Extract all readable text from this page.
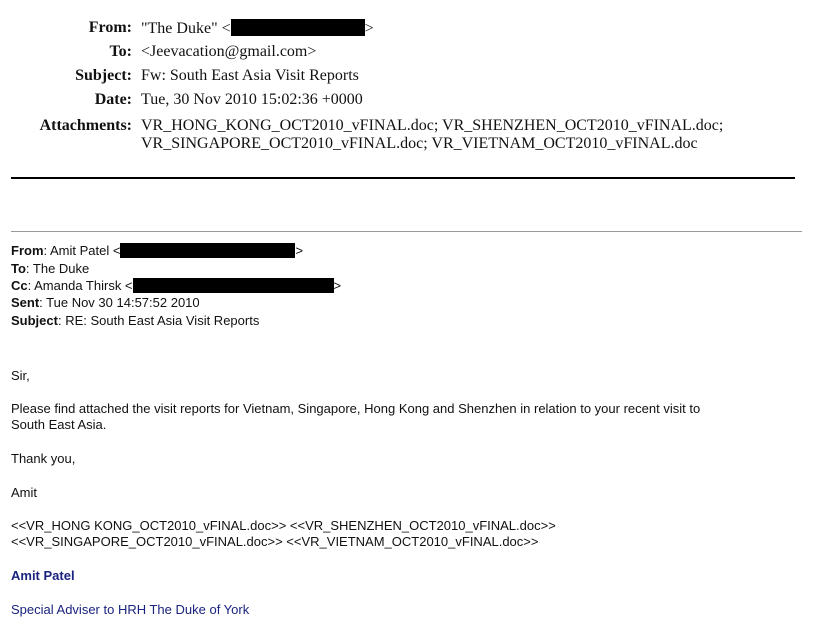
From: "The Duke" <	>
To: <Jeevacation@gmail.com>
Subject: Fw: South East Asia Visit Reports
Date: Tue, 30 Nov 2010 15:02:36 +0000
Attachments: VR_HONG_KONG_OCT2010_vFINAL.doc; VR_SHENZHEN_OCT2010_vFINAL.doc;
VR_SINGAPORE_OCT2010_vFINAL.doc; VR_VIETNAM_OCT2010_vFINAL.doc
From: Amit Patel <	>
To: The Duke
Cc: Amanda Thirsk <	>
Sent: Tue Nov 30 14:57:52 2010
Subject: RE: South East Asia Visit Reports
Sir,
Please find attached the visit reports for Vietnam, Singapore, Hong Kong and Shenzhen in relation to your recent visit to
South East Asia.
Thank you,
Amit
<<VR_HONG KONG_OCT2010_vFINAL.doc>> <<VR_SHENZHEN_OCT2010_vFINAL.doc>>
<<VR_SINGAPORE_OCT2010_vFINAL.doc>> <<VR_VIETNAM_OCT2010_vFINAL.doc>>
Amit Patel
Special Adviser to HRH The Duke of York
